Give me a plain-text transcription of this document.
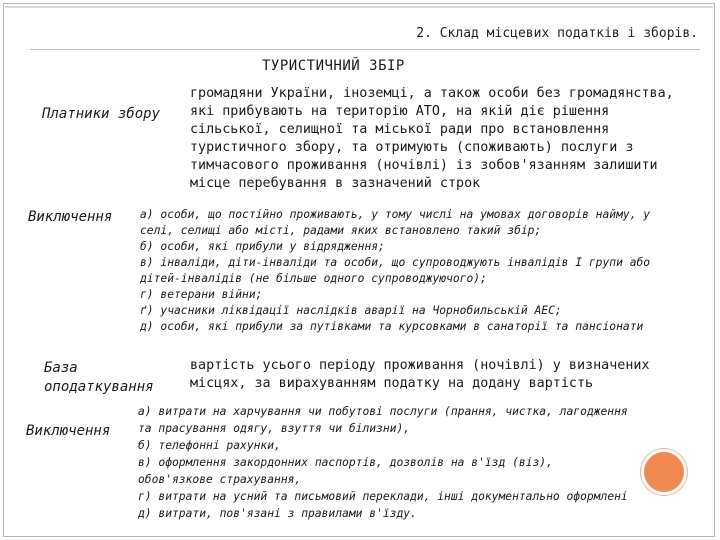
2. Склад місцевих податків і зборів.
ТУРИСТИЧНИЙ ЗБІР
Платники збору
громадяни України, іноземці, а також особи без громадянства,
які прибувають на територію АТО, на якій діє рішення
сільської, селищної та міської ради про встановлення
туристичного збору, та отримують (споживають) послуги з
тимчасового проживання (ночівлі) із зобов'язанням залишити
місце перебування в зазначений строк
Виключення а) особи, що постійно проживають, у тому числі на умовах договорів найму, у
селі, селищі або місті, радами яких встановлено такий збір;
б) особи, які прибули у відрядження;
в) інваліди, діти-інваліди та особи, що супроводжують інвалідів І групи або
дітей-інвалідів (не більше одного супроводжуючого);
г) ветерани війни;
ґ) учасники ліквідації наслідків аварії на Чорнобильській АЕС;
д) особи, які прибули за путівками та курсовками в санаторії та пансіонати
База
оподаткування
вартість усього періоду проживання (ночівлі) у визначених
місцях, за вирахуванням податку на додану вартість
Виключення
а) витрати на харчування чи побутові послуги (прання, чистка, лагодження
та прасування одягу, взуття чи білизни),
б) телефонні рахунки,
в) оформлення закордонних паспортів, дозволів на в'їзд (віз),
обов'язкове страхування,
г) витрати на усний та письмовий переклади, інші документально оформлені
д) витрати, пов'язані з правилами в'їзду.
